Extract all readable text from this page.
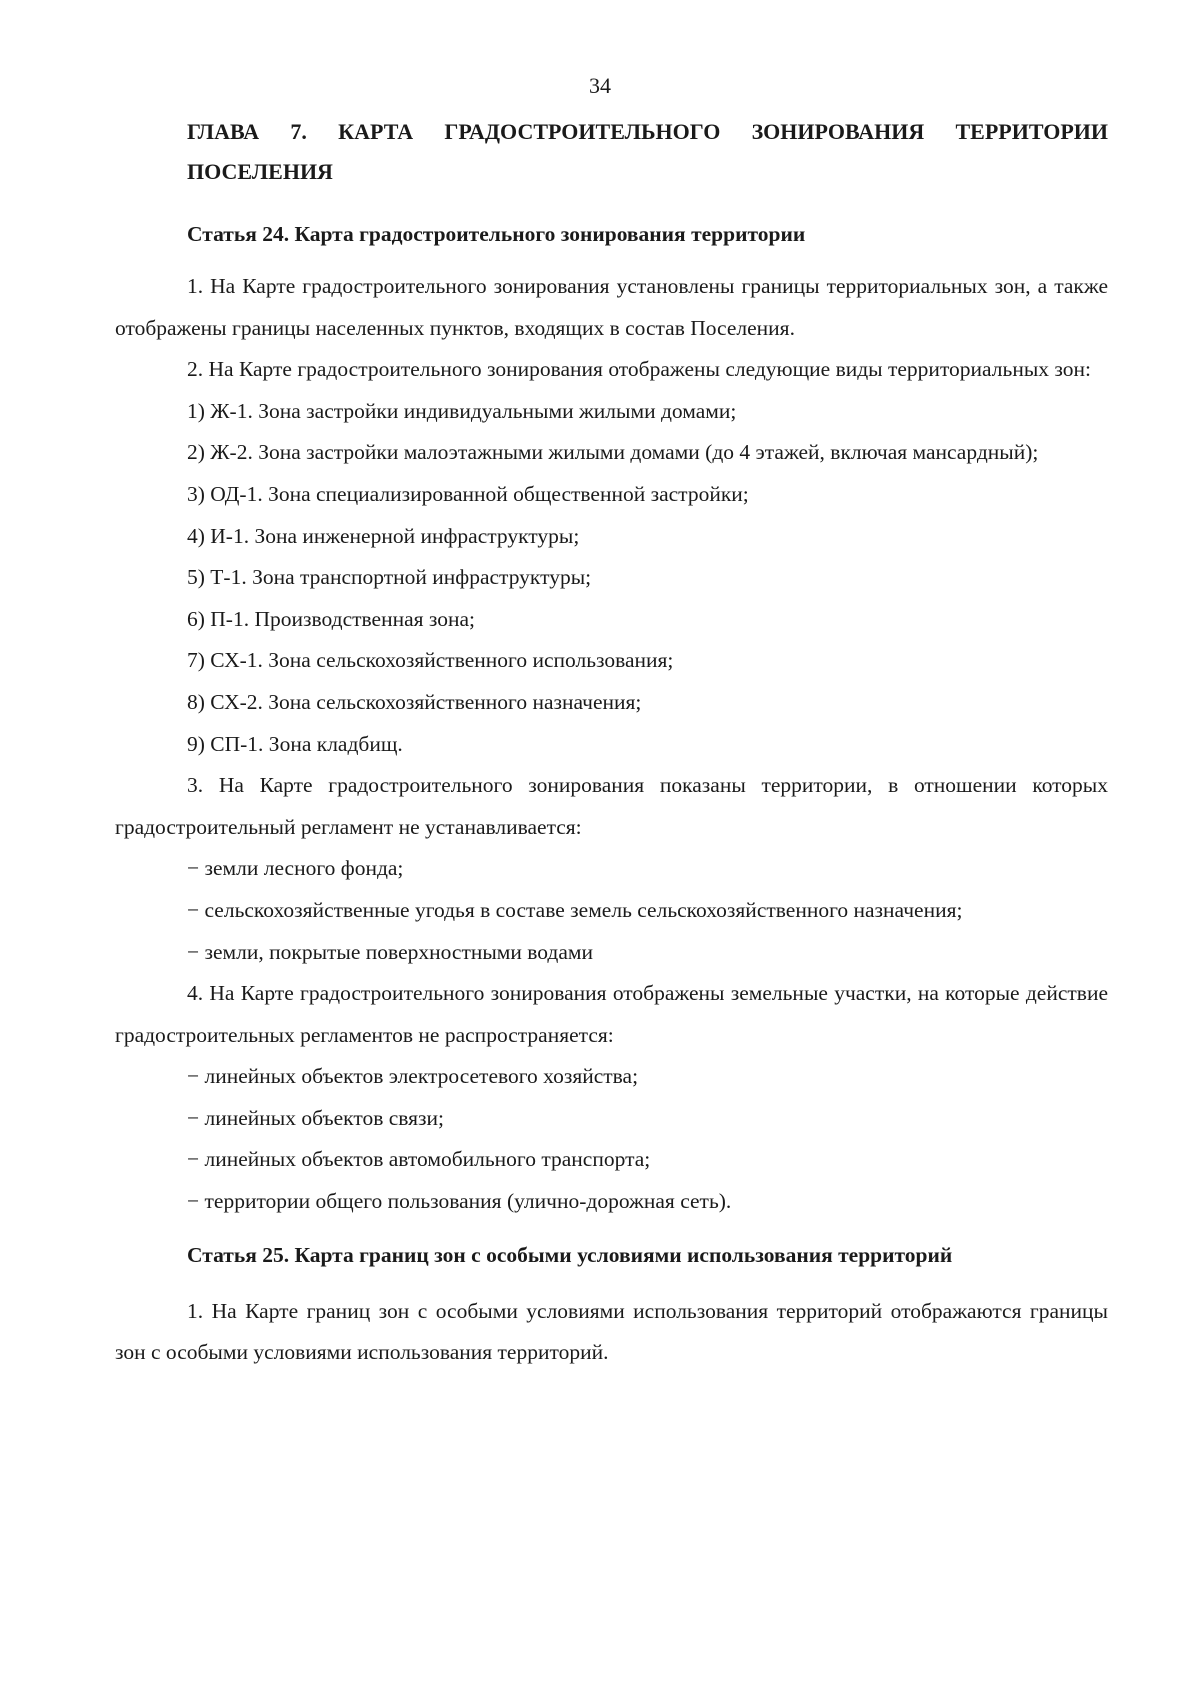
34
ГЛАВА 7. КАРТА ГРАДОСТРОИТЕЛЬНОГО ЗОНИРОВАНИЯ ТЕРРИТОРИИ ПОСЕЛЕНИЯ
Статья 24. Карта градостроительного зонирования территории

1. На Карте градостроительного зонирования установлены границы территориальных зон, а также отображены границы населенных пунктов, входящих в состав Поселения.

2. На Карте градостроительного зонирования отображены следующие виды территориальных зон:

1) Ж-1. Зона застройки индивидуальными жилыми домами;

2) Ж-2. Зона застройки малоэтажными жилыми домами (до 4 этажей, включая мансардный);

3) ОД-1. Зона специализированной общественной застройки;

4) И-1. Зона инженерной инфраструктуры;

5) Т-1. Зона транспортной инфраструктуры;

6) П-1. Производственная зона;

7) СХ-1. Зона сельскохозяйственного использования;

8) СХ-2. Зона сельскохозяйственного назначения;

9) СП-1. Зона кладбищ.

3. На Карте градостроительного зонирования показаны территории, в отношении которых градостроительный регламент не устанавливается:

− земли лесного фонда;

− сельскохозяйственные угодья в составе земель сельскохозяйственного назначения;

− земли, покрытые поверхностными водами

4. На Карте градостроительного зонирования отображены земельные участки, на которые действие градостроительных регламентов не распространяется:

− линейных объектов электросетевого хозяйства;

− линейных объектов связи;

− линейных объектов автомобильного транспорта;

− территории общего пользования (улично-дорожная сеть).

Статья 25. Карта границ зон с особыми условиями использования территорий

1. На Карте границ зон с особыми условиями использования территорий отображаются границы зон с особыми условиями использования территорий.
